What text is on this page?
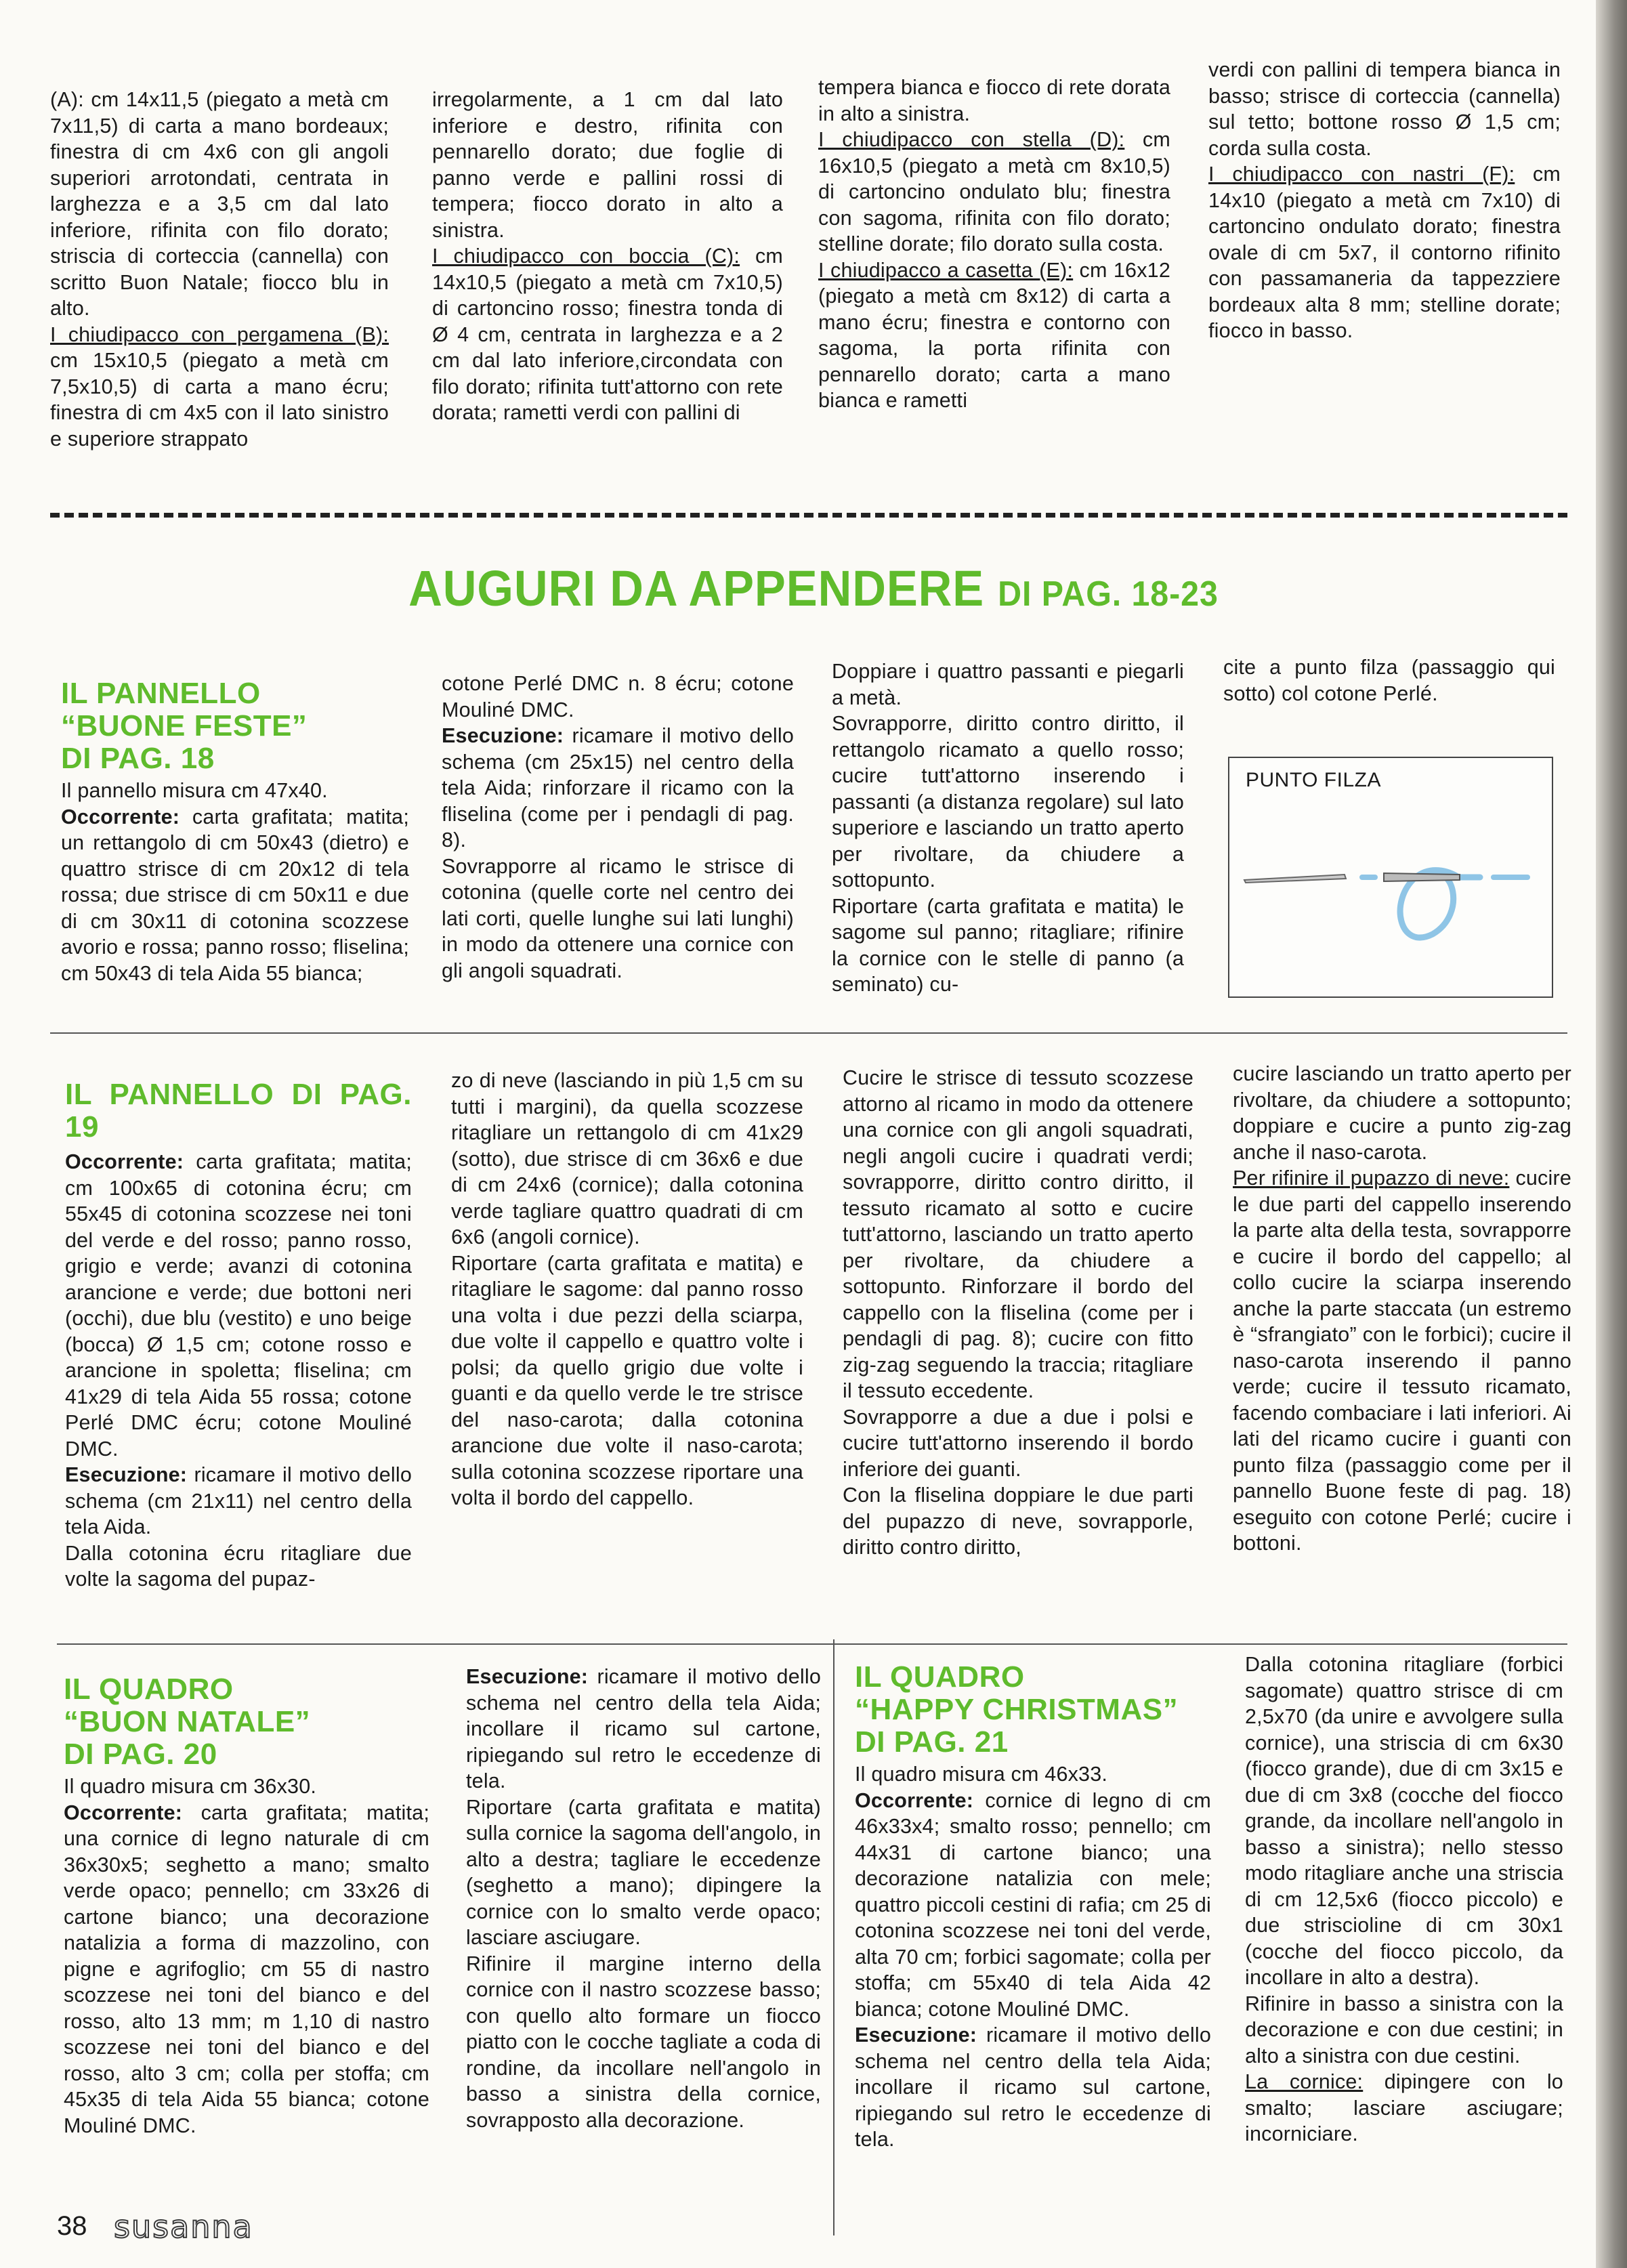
(A): cm 14x11,5 (piegato a metà cm 7x11,5) di carta a mano bordeaux; finestra di cm 4x6 con gli angoli superiori arrotondati, centrata in larghezza e a 3,5 cm dal lato inferiore, rifinita con filo dorato; striscia di corteccia (cannella) con scritto Buon Natale; fiocco blu in alto.

I chiudipacco con pergamena (B): cm 15x10,5 (piegato a metà cm 7,5x10,5) di carta a mano écru; finestra di cm 4x5 con il lato sinistro e superiore strappato

irregolarmente, a 1 cm dal lato inferiore e destro, rifinita con pennarello dorato; due foglie di panno verde e pallini rossi di tempera; fiocco dorato in alto a sinistra.

I chiudipacco con boccia (C): cm 14x10,5 (piegato a metà cm 7x10,5) di cartoncino rosso; finestra tonda di Ø 4 cm, centrata in larghezza e a 2 cm dal lato inferiore,circondata con filo dorato; rifinita tutt'attorno con rete dorata; rametti verdi con pallini di

tempera bianca e fiocco di rete dorata in alto a sinistra.

I chiudipacco con stella (D): cm 16x10,5 (piegato a metà cm 8x10,5) di cartoncino ondulato blu; finestra con sagoma, rifinita con filo dorato; stelline dorate; filo dorato sulla costa.

I chiudipacco a casetta (E): cm 16x12 (piegato a metà cm 8x12) di carta a mano écru; finestra e contorno con sagoma, la porta rifinita con pennarello dorato; carta a mano bianca e rametti

verdi con pallini di tempera bianca in basso; strisce di corteccia (cannella) sul tetto; bottone rosso Ø 1,5 cm; corda sulla costa.

I chiudipacco con nastri (F): cm 14x10 (piegato a metà cm 7x10) di cartoncino ondulato dorato; finestra ovale di cm 5x7, il contorno rifinito con passamaneria da tappezziere bordeaux alta 8 mm; stelline dorate; fiocco in basso.

AUGURI DA APPENDERE DI PAG. 18-23
IL PANNELLO
“BUONE FESTE”
DI PAG. 18

Il pannello misura cm 47x40.

Occorrente: carta grafitata; matita; un rettangolo di cm 50x43 (dietro) e quattro strisce di cm 20x12 di tela rossa; due strisce di cm 50x11 e due di cm 30x11 di cotonina scozzese avorio e rossa; panno rosso; fliselina; cm 50x43 di tela Aida 55 bianca;

cotone Perlé DMC n. 8 écru; cotone Mouliné DMC.

Esecuzione: ricamare il motivo dello schema (cm 25x15) nel centro della tela Aida; rinforzare il ricamo con la fliselina (come per i pendagli di pag. 8).

Sovrapporre al ricamo le strisce di cotonina (quelle corte nel centro dei lati corti, quelle lunghe sui lati lunghi) in modo da ottenere una cornice con gli angoli squadrati.

Doppiare i quattro passanti e piegarli a metà.

Sovrapporre, diritto contro diritto, il rettangolo ricamato a quello rosso; cucire tutt'attorno inserendo i passanti (a distanza regolare) sul lato superiore e lasciando un tratto aperto per rivoltare, da chiudere a sottopunto.

Riportare (carta grafitata e matita) le sagome sul panno; ritagliare; rifinire la cornice con le stelle di panno (a seminato) cu-

cite a punto filza (passaggio qui sotto) col cotone Perlé.

PUNTO FILZA
IL PANNELLO DI PAG. 19

Occorrente: carta grafitata; matita; cm 100x65 di cotonina écru; cm 55x45 di cotonina scozzese nei toni del verde e del rosso; panno rosso, grigio e verde; avanzi di cotonina arancione e verde; due bottoni neri (occhi), due blu (vestito) e uno beige (bocca) Ø 1,5 cm; cotone rosso e arancione in spoletta; fliselina; cm 41x29 di tela Aida 55 rossa; cotone Perlé DMC écru; cotone Mouliné DMC.

Esecuzione: ricamare il motivo dello schema (cm 21x11) nel centro della tela Aida.

Dalla cotonina écru ritagliare due volte la sagoma del pupaz-

zo di neve (lasciando in più 1,5 cm su tutti i margini), da quella scozzese ritagliare un rettangolo di cm 41x29 (sotto), due strisce di cm 36x6 e due di cm 24x6 (cornice); dalla cotonina verde tagliare quattro quadrati di cm 6x6 (angoli cornice).

Riportare (carta grafitata e matita) e ritagliare le sagome: dal panno rosso una volta i due pezzi della sciarpa, due volte il cappello e quattro volte i polsi; da quello grigio due volte i guanti e da quello verde le tre strisce del naso-carota; dalla cotonina arancione due volte il naso-carota; sulla cotonina scozzese riportare una volta il bordo del cappello.

Cucire le strisce di tessuto scozzese attorno al ricamo in modo da ottenere una cornice con gli angoli squadrati, negli angoli cucire i quadrati verdi; sovrapporre, diritto contro diritto, il tessuto ricamato al sotto e cucire tutt'attorno, lasciando un tratto aperto per rivoltare, da chiudere a sottopunto. Rinforzare il bordo del cappello con la fliselina (come per i pendagli di pag. 8); cucire con fitto zig-zag seguendo la traccia; ritagliare il tessuto eccedente.

Sovrapporre a due a due i polsi e cucire tutt'attorno inserendo il bordo inferiore dei guanti.

Con la fliselina doppiare le due parti del pupazzo di neve, sovrapporle, diritto contro diritto,

cucire lasciando un tratto aperto per rivoltare, da chiudere a sottopunto; doppiare e cucire a punto zig-zag anche il naso-carota.

Per rifinire il pupazzo di neve: cucire le due parti del cappello inserendo la parte alta della testa, sovrapporre e cucire il bordo del cappello; al collo cucire la sciarpa inserendo anche la parte staccata (un estremo è “sfrangiato” con le forbici); cucire il naso-carota inserendo il panno verde; cucire il tessuto ricamato, facendo combaciare i lati inferiori. Ai lati del ricamo cucire i guanti con punto filza (passaggio come per il pannello Buone feste di pag. 18) eseguito con cotone Perlé; cucire i bottoni.

IL QUADRO
“BUON NATALE”
DI PAG. 20

Il quadro misura cm 36x30.

Occorrente: carta grafitata; matita; una cornice di legno naturale di cm 36x30x5; seghetto a mano; smalto verde opaco; pennello; cm 33x26 di cartone bianco; una decorazione natalizia a forma di mazzolino, con pigne e agrifoglio; cm 55 di nastro scozzese nei toni del bianco e del rosso, alto 13 mm; m 1,10 di nastro scozzese nei toni del bianco e del rosso, alto 3 cm; colla per stoffa; cm 45x35 di tela Aida 55 bianca; cotone Mouliné DMC.

Esecuzione: ricamare il motivo dello schema nel centro della tela Aida; incollare il ricamo sul cartone, ripiegando sul retro le eccedenze di tela.

Riportare (carta grafitata e matita) sulla cornice la sagoma dell'angolo, in alto a destra; tagliare le eccedenze (seghetto a mano); dipingere la cornice con lo smalto verde opaco; lasciare asciugare.

Rifinire il margine interno della cornice con il nastro scozzese basso; con quello alto formare un fiocco piatto con le cocche tagliate a coda di rondine, da incollare nell'angolo in basso a sinistra della cornice, sovrapposto alla decorazione.

IL QUADRO
“HAPPY CHRISTMAS”
DI PAG. 21

Il quadro misura cm 46x33.

Occorrente: cornice di legno di cm 46x33x4; smalto rosso; pennello; cm 44x31 di cartone bianco; una decorazione natalizia con mele; quattro piccoli cestini di rafia; cm 25 di cotonina scozzese nei toni del verde, alta 70 cm; forbici sagomate; colla per stoffa; cm 55x40 di tela Aida 42 bianca; cotone Mouliné DMC.

Esecuzione: ricamare il motivo dello schema nel centro della tela Aida; incollare il ricamo sul cartone, ripiegando sul retro le eccedenze di tela.

Dalla cotonina ritagliare (forbici sagomate) quattro strisce di cm 2,5x70 (da unire e avvolgere sulla cornice), una striscia di cm 6x30 (fiocco grande), due di cm 3x15 e due di cm 3x8 (cocche del fiocco grande, da incollare nell'angolo in basso a sinistra); nello stesso modo ritagliare anche una striscia di cm 12,5x6 (fiocco piccolo) e due striscioline di cm 30x1 (cocche del fiocco piccolo, da incollare in alto a destra).

Rifinire in basso a sinistra con la decorazione e con due cestini; in alto a sinistra con due cestini.

La cornice: dipingere con lo smalto; lasciare asciugare; incorniciare.

38 susanna
